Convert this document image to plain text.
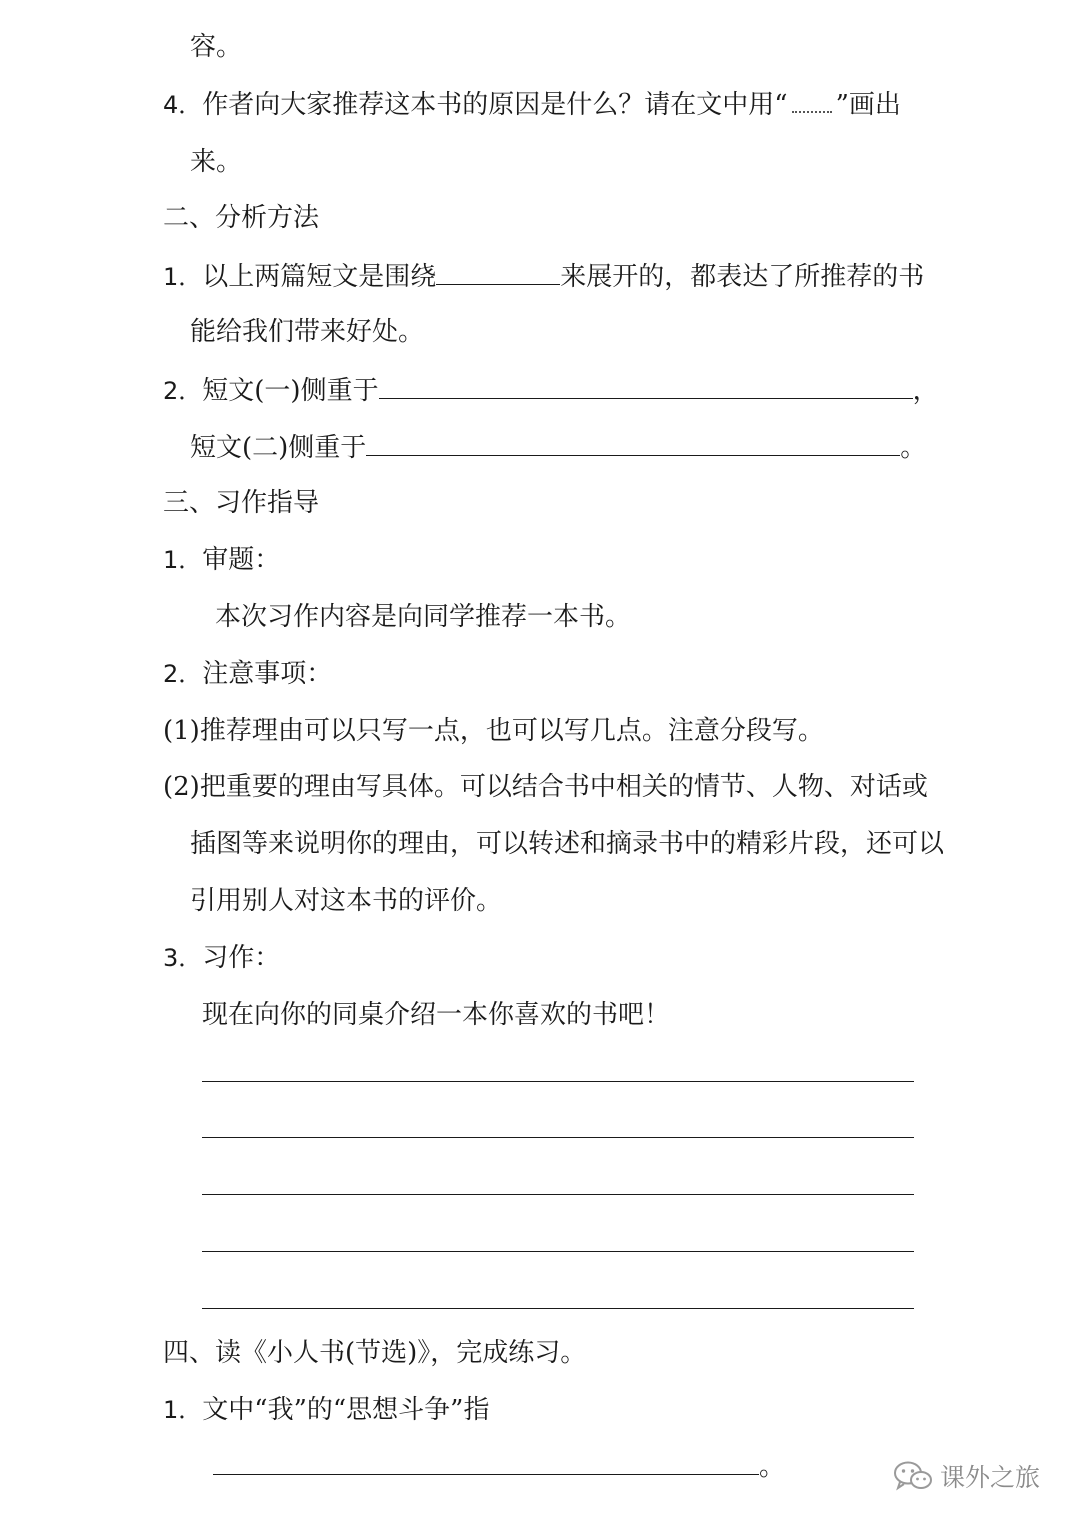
容。
4．作者向大家推荐这本书的原因是什么？请在文中用“ ”画出
来。
二、分析方法
1．以上两篇短文是围绕	来展开的，都表达了所推荐的书
能给我们带来好处。
2．短文(一)侧重于	，
短文(二)侧重于	。
三、习作指导
1．审题：
本次习作内容是向同学推荐一本书。
2．注意事项：
(1)推荐理由可以只写一点，也可以写几点。注意分段写。
(2)把重要的理由写具体。可以结合书中相关的情节、人物、对话或
插图等来说明你的理由，可以转述和摘录书中的精彩片段，还可以
引用别人对这本书的评价。
3．习作：
现在向你的同桌介绍一本你喜欢的书吧！
四、读《小人书(节选)》，完成练习。
1．文中“我”的“思想斗争”指
。	课外之旅
